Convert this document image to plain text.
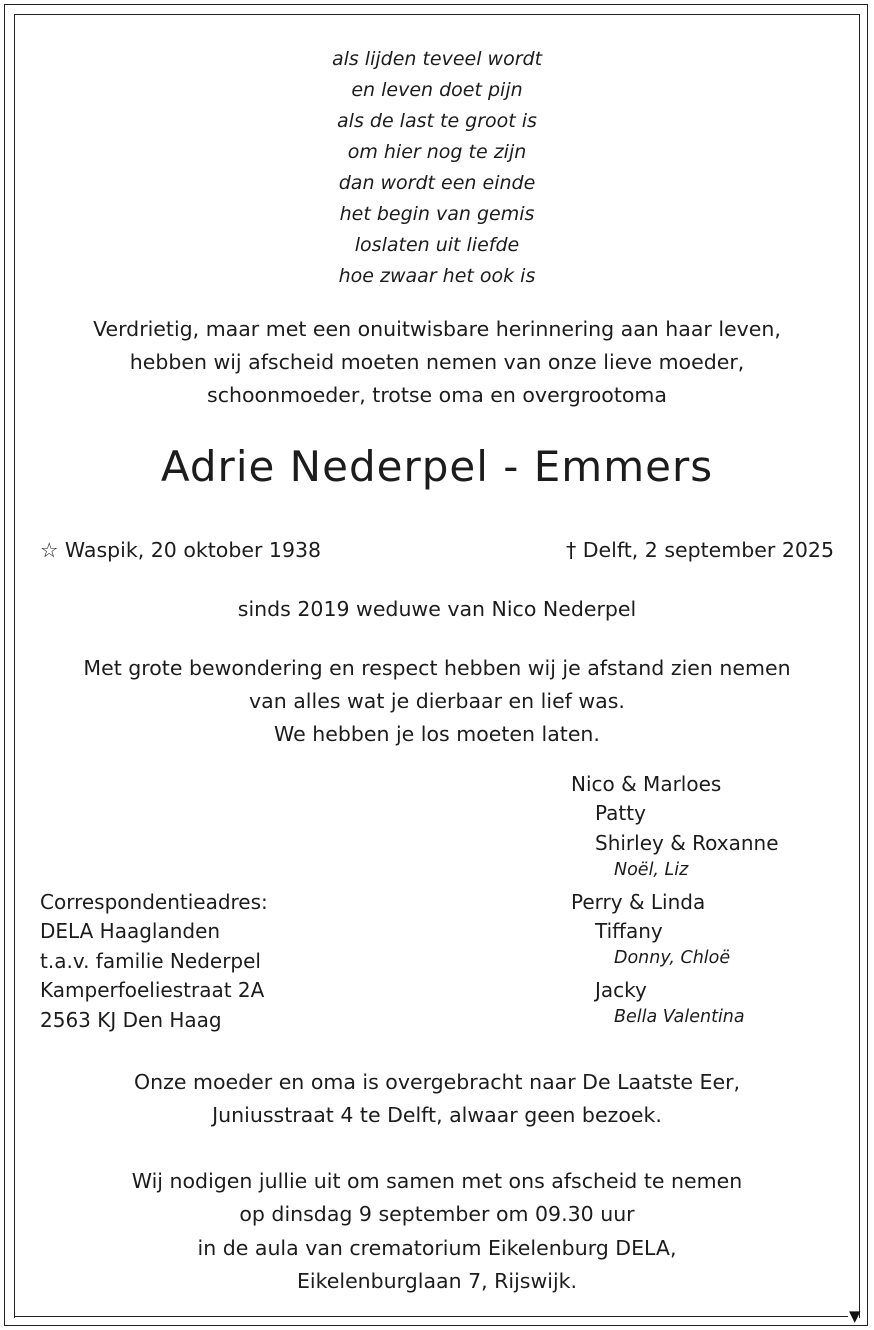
▼
als lijden teveel wordt
en leven doet pijn
als de last te groot is
om hier nog te zijn
dan wordt een einde
het begin van gemis
loslaten uit liefde
hoe zwaar het ook is
Verdrietig, maar met een onuitwisbare herinnering aan haar leven,
hebben wij afscheid moeten nemen van onze lieve moeder,
schoonmoeder, trotse oma en overgrootoma
Adrie Nederpel - Emmers
☆ Waspik, 20 oktober 1938	† Delft, 2 september 2025
sinds 2019 weduwe van Nico Nederpel
Met grote bewondering en respect hebben wij je afstand zien nemen
van alles wat je dierbaar en lief was.
We hebben je los moeten laten.
Nico & Marloes
Patty
Shirley & Roxanne
Noël, Liz
Perry & Linda
Tiffany
Donny, Chloë
Jacky
Bella Valentina
Correspondentieadres:
DELA Haaglanden
t.a.v. familie Nederpel
Kamperfoeliestraat 2A
2563 KJ Den Haag
Onze moeder en oma is overgebracht naar De Laatste Eer,
Juniusstraat 4 te Delft, alwaar geen bezoek.
Wij nodigen jullie uit om samen met ons afscheid te nemen
op dinsdag 9 september om 09.30 uur
in de aula van crematorium Eikelenburg DELA,
Eikelenburglaan 7, Rijswijk.
